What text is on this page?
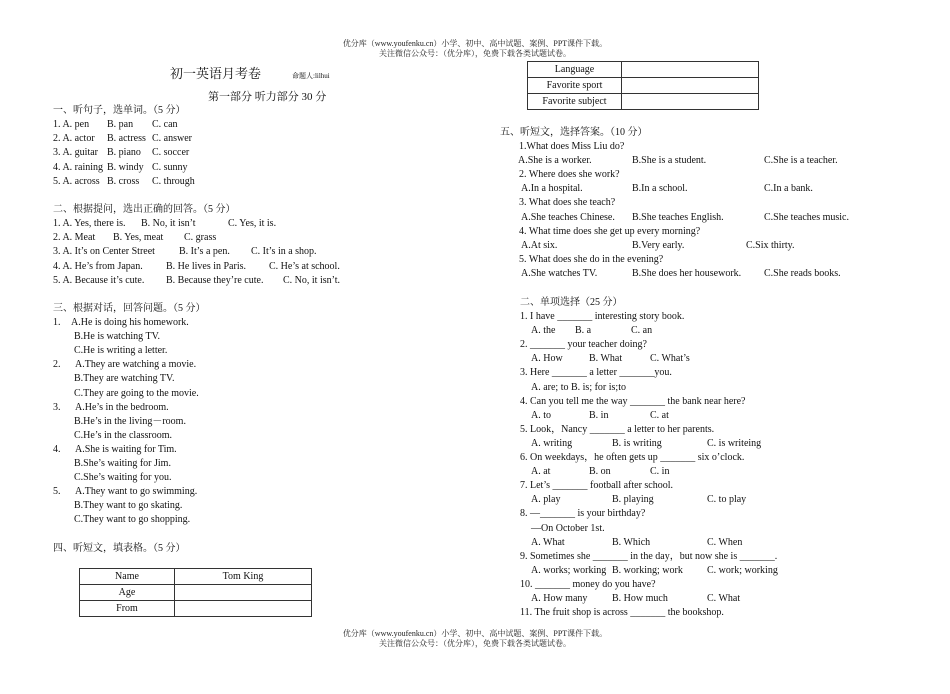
优分库（www.youfenku.cn）小学、初中、高中试题、案例、PPT课件下载。
关注微信公众号：（优分库），免费下载各类试题试卷。
优分库（www.youfenku.cn）小学、初中、高中试题、案例、PPT课件下载。
关注微信公众号：（优分库），免费下载各类试题试卷。
初一英语月考卷	命题人:lilhui
第一部分 听力部分 30 分
一、听句子，选单词。（5 分）
1. A. pen B. pan C. can
2. A. actor B. actress C. answer
3. A. guitar B. piano C. soccer
4. A. raining B. windy C. sunny
5. A. across B. cross C. through
二、根据提问，选出正确的回答。（5 分）
1. A. Yes, there is. B. No, it isn’t	C. Yes, it is.
2. A. Meat B. Yes, meat C. grass
3. A. It’s on Center Street B. It’s a pen. C. It’s in a shop.
4. A. He’s from Japan. B. He lives in Paris. C. He’s at school.
5. A. Because it’s cute. B. Because they’re cute. C. No, it isn’t.
三、根据对话，回答问题。（5 分）
1. A.He is doing his homework.
B.He is watching TV.
C.He is writing a letter.
2. A.They are watching a movie.
B.They are watching TV.
C.They are going to the movie.
3. A.He’s in the bedroom.
B.He’s in the living－room.
C.He’s in the classroom.
4. A.She is waiting for Tim.
B.She’s waiting for Jim.
C.She’s waiting for you.
5. A.They want to go swimming.
B.They want to go skating.
C.They want to go shopping.
四、听短文，填表格。（5 分）
Name	Tom King
Age	
From	
Language	
Favorite sport	
Favorite subject	
五、听短文，选择答案。（10 分）
1.What does Miss Liu do?
A.She is a worker.	B.She is a student.	C.She is a teacher.
2. Where does she work?
A.In a hospital.	B.In a school.	C.In a bank.
3. What does she teach?
A.She teaches Chinese. B.She teaches English.	C.She teaches music.
4. What time does she get up every morning?
A.At six.	B.Very early.	C.Six thirty.
5. What does she do in the evening?
A.She watches TV.	B.She does her housework. C.She reads books.
二、单项选择（25 分）
1. I have _______ interesting story book.
A. the B. a	C. an
2. _______ your teacher doing?
A. How	B. What	C. What’s
3. Here _______ a letter _______you.
A. are; to B. is; for is;to
4. Can you tell me the way _______ the bank near here?
A. to	B. in	C. at
5. Look，Nancy _______ a letter to her parents.
A. writing	B. is writing	C. is writeing
6. On weekdays，he often gets up _______ six o’clock.
A. at	B. on	C. in
7. Let’s _______ football after school.
A. play	B. playing	C. to play
8. —_______ is your birthday?
—On October 1st.
A. What	B. Which	C. When
9. Sometimes she _______ in the day，but now she is _______.
A. works; working B. working; work C. work; working
10. _______ money do you have?
A. How many B. How much	C. What
11. The fruit shop is across _______ the bookshop.
